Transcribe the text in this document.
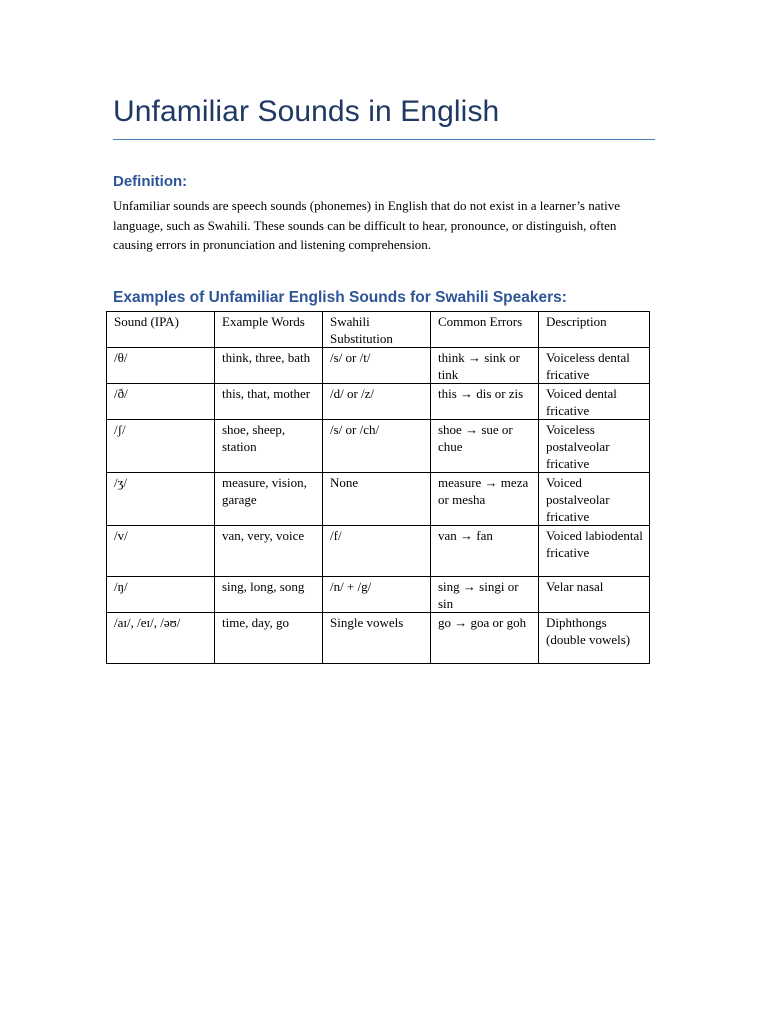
Unfamiliar Sounds in English
Definition:

Unfamiliar sounds are speech sounds (phonemes) in English that do not exist in a learner’s native language, such as Swahili. These sounds can be difficult to hear, pronounce, or distinguish, often causing errors in pronunciation and listening comprehension.

Examples of Unfamiliar English Sounds for Swahili Speakers:
Sound (IPA)	Example Words	Swahili Substitution	Common Errors	Description
/θ/	think, three, bath	/s/ or /t/	think → sink or tink	Voiceless dental fricative
/ð/	this, that, mother	/d/ or /z/	this → dis or zis	Voiced dental fricative
/ʃ/	shoe, sheep, station	/s/ or /ch/	shoe → sue or chue	Voiceless postalveolar fricative
/ʒ/	measure, vision, garage	None	measure → meza or mesha	Voiced postalveolar fricative
/v/	van, very, voice	/f/	van → fan	Voiced labiodental fricative
/ŋ/	sing, long, song	/n/ + /g/	sing → singi or sin	Velar nasal
/aɪ/, /eɪ/, /əʊ/	time, day, go	Single vowels	go → goa or goh	Diphthongs (double vowels)
